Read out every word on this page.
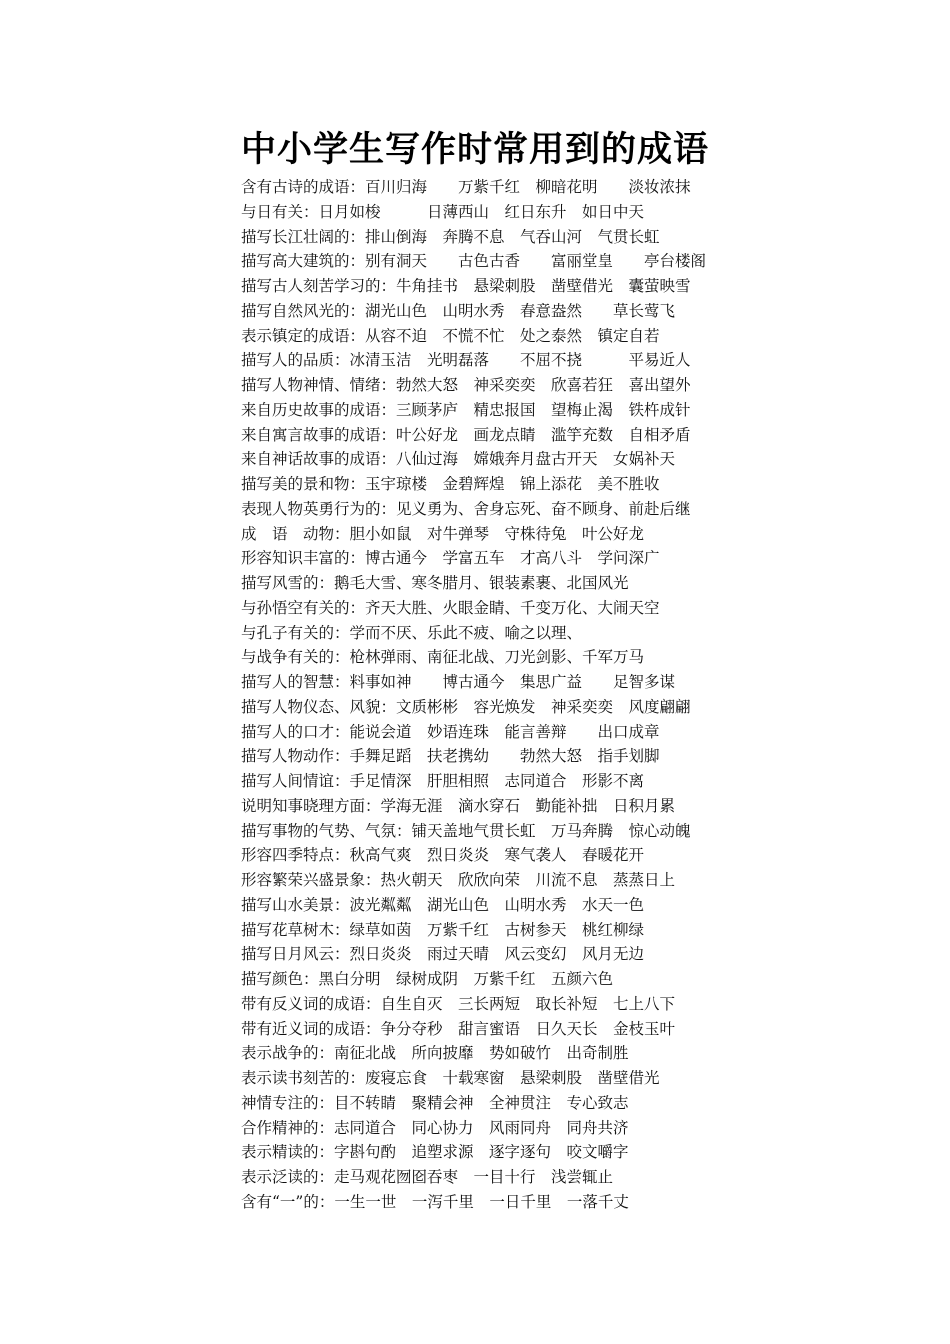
中小学生写作时常用到的成语
含有古诗的成语：百川归海　　万紫千红　柳暗花明　　淡妆浓抹
与日有关：日月如梭　　　日薄西山　红日东升　如日中天
描写长江壮阔的：排山倒海　奔腾不息　气吞山河　气贯长虹
描写高大建筑的：别有洞天　　古色古香　　富丽堂皇　　亭台楼阁
描写古人刻苦学习的：牛角挂书　悬梁刺股　凿壁借光　囊萤映雪
描写自然风光的：湖光山色　山明水秀　春意盎然　　草长莺飞
表示镇定的成语：从容不迫　不慌不忙　处之泰然　镇定自若
描写人的品质：冰清玉洁　光明磊落　　不屈不挠　　　平易近人
描写人物神情、情绪：勃然大怒　神采奕奕　欣喜若狂　喜出望外
来自历史故事的成语：三顾茅庐　精忠报国　望梅止渴　铁杵成针
来自寓言故事的成语：叶公好龙　画龙点睛　滥竽充数　自相矛盾
来自神话故事的成语：八仙过海　嫦娥奔月盘古开天　女娲补天
描写美的景和物：玉宇琼楼　金碧辉煌　锦上添花　美不胜收
表现人物英勇行为的：见义勇为、舍身忘死、奋不顾身、前赴后继
成　语　动物：胆小如鼠　对牛弹琴　守株待兔　叶公好龙
形容知识丰富的：博古通今　学富五车　才高八斗　学问深广
描写风雪的：鹅毛大雪、寒冬腊月、银装素裹、北国风光
与孙悟空有关的：齐天大胜、火眼金睛、千变万化、大闹天空
与孔子有关的：学而不厌、乐此不疲、喻之以理、
与战争有关的：枪林弹雨、南征北战、刀光剑影、千军万马
描写人的智慧：料事如神　　博古通今　集思广益　　足智多谋
描写人物仪态、风貌：文质彬彬　容光焕发　神采奕奕　风度翩翩
描写人的口才：能说会道　妙语连珠　能言善辩　　出口成章
描写人物动作：手舞足蹈　扶老携幼　　勃然大怒　指手划脚
描写人间情谊：手足情深　肝胆相照　志同道合　形影不离
说明知事晓理方面：学海无涯　滴水穿石　勤能补拙　日积月累
描写事物的气势、气氛：铺天盖地气贯长虹　万马奔腾　惊心动魄
形容四季特点：秋高气爽　烈日炎炎　寒气袭人　春暖花开
形容繁荣兴盛景象：热火朝天　欣欣向荣　川流不息　蒸蒸日上
描写山水美景：波光粼粼　湖光山色　山明水秀　水天一色
描写花草树木：绿草如茵　万紫千红　古树参天　桃红柳绿
描写日月风云：烈日炎炎　雨过天晴　风云变幻　风月无边
描写颜色：黑白分明　绿树成阴　万紫千红　五颜六色
带有反义词的成语：自生自灭　三长两短　取长补短　七上八下
带有近义词的成语：争分夺秒　甜言蜜语　日久天长　金枝玉叶
表示战争的：南征北战　所向披靡　势如破竹　出奇制胜
表示读书刻苦的：废寝忘食　十载寒窗　悬梁刺股　凿壁借光
神情专注的：目不转睛　聚精会神　全神贯注　专心致志
合作精神的：志同道合　同心协力　风雨同舟　同舟共济
表示精读的：字斟句酌　追塑求源　逐字逐句　咬文嚼字
表示泛读的：走马观花囫囵吞枣　一目十行　浅尝辄止
含有“一”的：一生一世　一泻千里　一日千里　一落千丈
